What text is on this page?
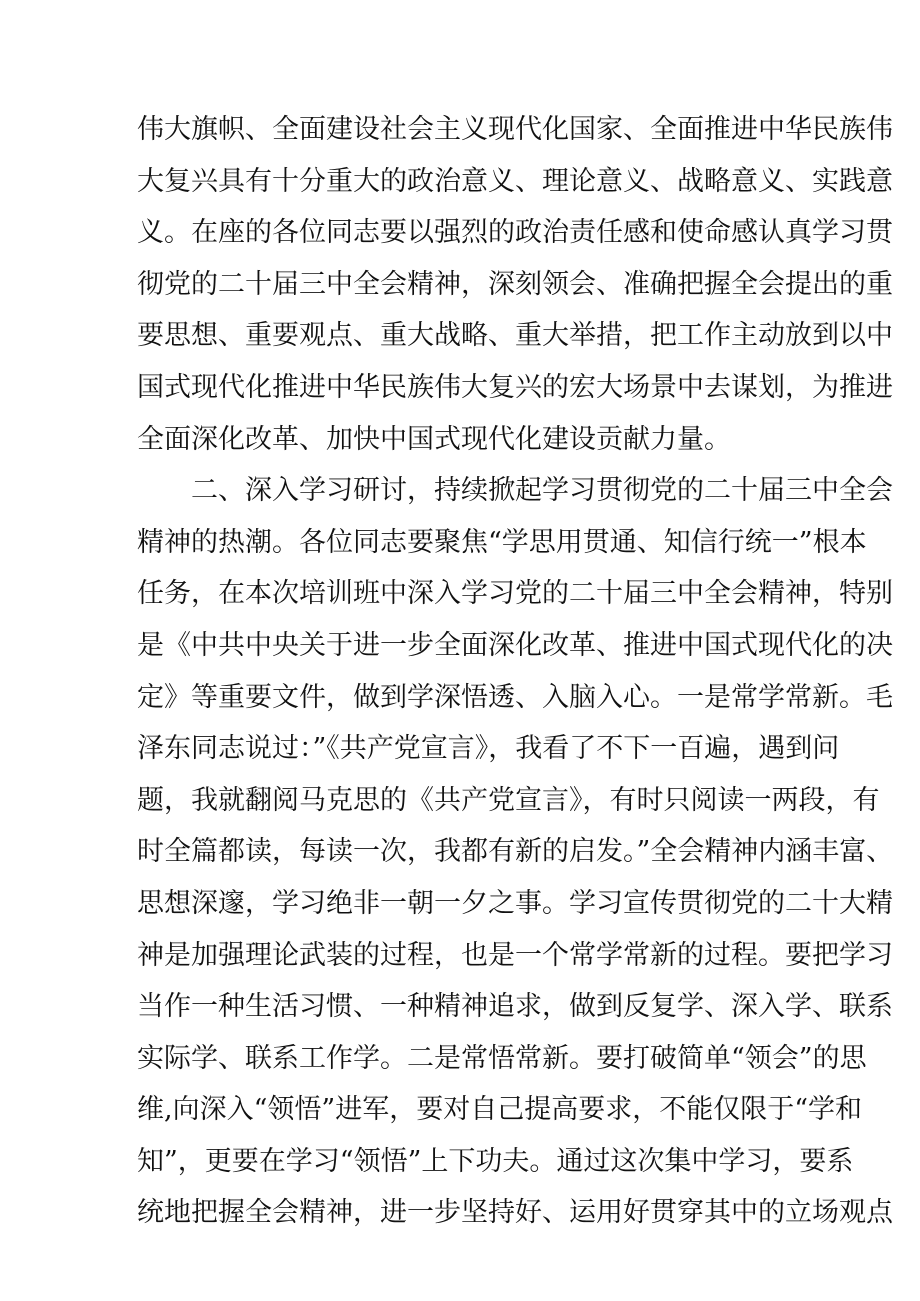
伟大旗帜、全面建设社会主义现代化国家、全面推进中华民族伟
大复兴具有十分重大的政治意义、理论意义、战略意义、实践意
义。在座的各位同志要以强烈的政治责任感和使命感认真学习贯
彻党的二十届三中全会精神，深刻领会、准确把握全会提出的重
要思想、重要观点、重大战略、重大举措，把工作主动放到以中
国式现代化推进中华民族伟大复兴的宏大场景中去谋划，为推进
全面深化改革、加快中国式现代化建设贡献力量。
二、深入学习研讨，持续掀起学习贯彻党的二十届三中全会
精神的热潮。各位同志要聚焦“学思用贯通、知信行统一”根本
任务，在本次培训班中深入学习党的二十届三中全会精神，特别
是《中共中央关于进一步全面深化改革、推进中国式现代化的决
定》等重要文件，做到学深悟透、入脑入心。一是常学常新。毛
泽东同志说过：”《共产党宣言》，我看了不下一百遍，遇到问
题，我就翻阅马克思的《共产党宣言》，有时只阅读一两段，有
时全篇都读，每读一次，我都有新的启发。”全会精神内涵丰富、
思想深邃，学习绝非一朝一夕之事。学习宣传贯彻党的二十大精
神是加强理论武装的过程，也是一个常学常新的过程。要把学习
当作一种生活习惯、一种精神追求，做到反复学、深入学、联系
实际学、联系工作学。二是常悟常新。要打破简单“领会”的思
维,向深入“领悟”进军，要对自己提高要求，不能仅限于“学和
知”，更要在学习“领悟”上下功夫。通过这次集中学习，要系
统地把握全会精神，进一步坚持好、运用好贯穿其中的立场观点
